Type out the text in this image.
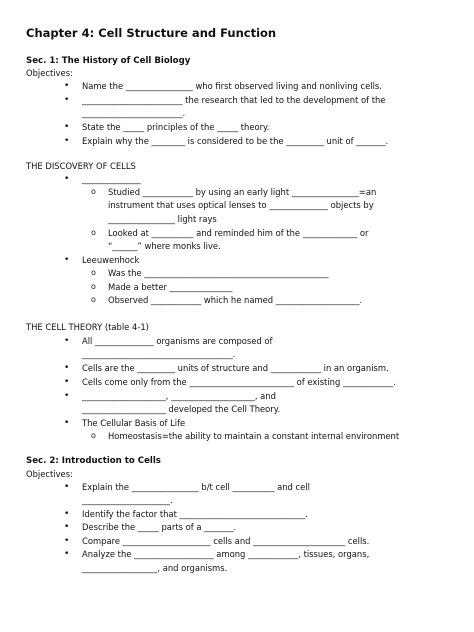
Chapter 4: Cell Structure and Function
Sec. 1: The History of Cell Biology
Objectives:
• Name the ________________ who first observed living and nonliving cells.
• ________________________ the research that led to the development of the
________________________.
• State the _____ principles of the _____ theory.
• Explain why the ________ is considered to be the _________ unit of _______.
THE DISCOVERY OF CELLS
• ______________
o Studied ____________ by using an early light ________________=an
instrument that uses optical lenses to ______________ objects by
________________ light rays
o Looked at __________ and reminded him of the _____________ or
“______” where monks live.
• Leeuwenhock
o Was the ____________________________________________
o Made a better _______________
o Observed ____________ which he named ____________________.
THE CELL THEORY (table 4-1)
• All ______________ organisms are composed of
____________________________________.
• Cells are the _________ units of structure and ____________ in an organism.
• Cells come only from the _________________________ of existing ____________.
• ____________________, ____________________, and
____________________ developed the Cell Theory.
• The Cellular Basis of Life
o Homeostasis=the ability to maintain a constant internal environment
Sec. 2: Introduction to Cells
Objectives:
• Explain the ________________ b/t cell __________ and cell
_____________________.
• Identify the factor that ______________________________.
• Describe the _____ parts of a _______.
• Compare _____________________ cells and ______________________ cells.
• Analyze the ___________________ among ____________, tissues, organs,
__________________, and organisms.
